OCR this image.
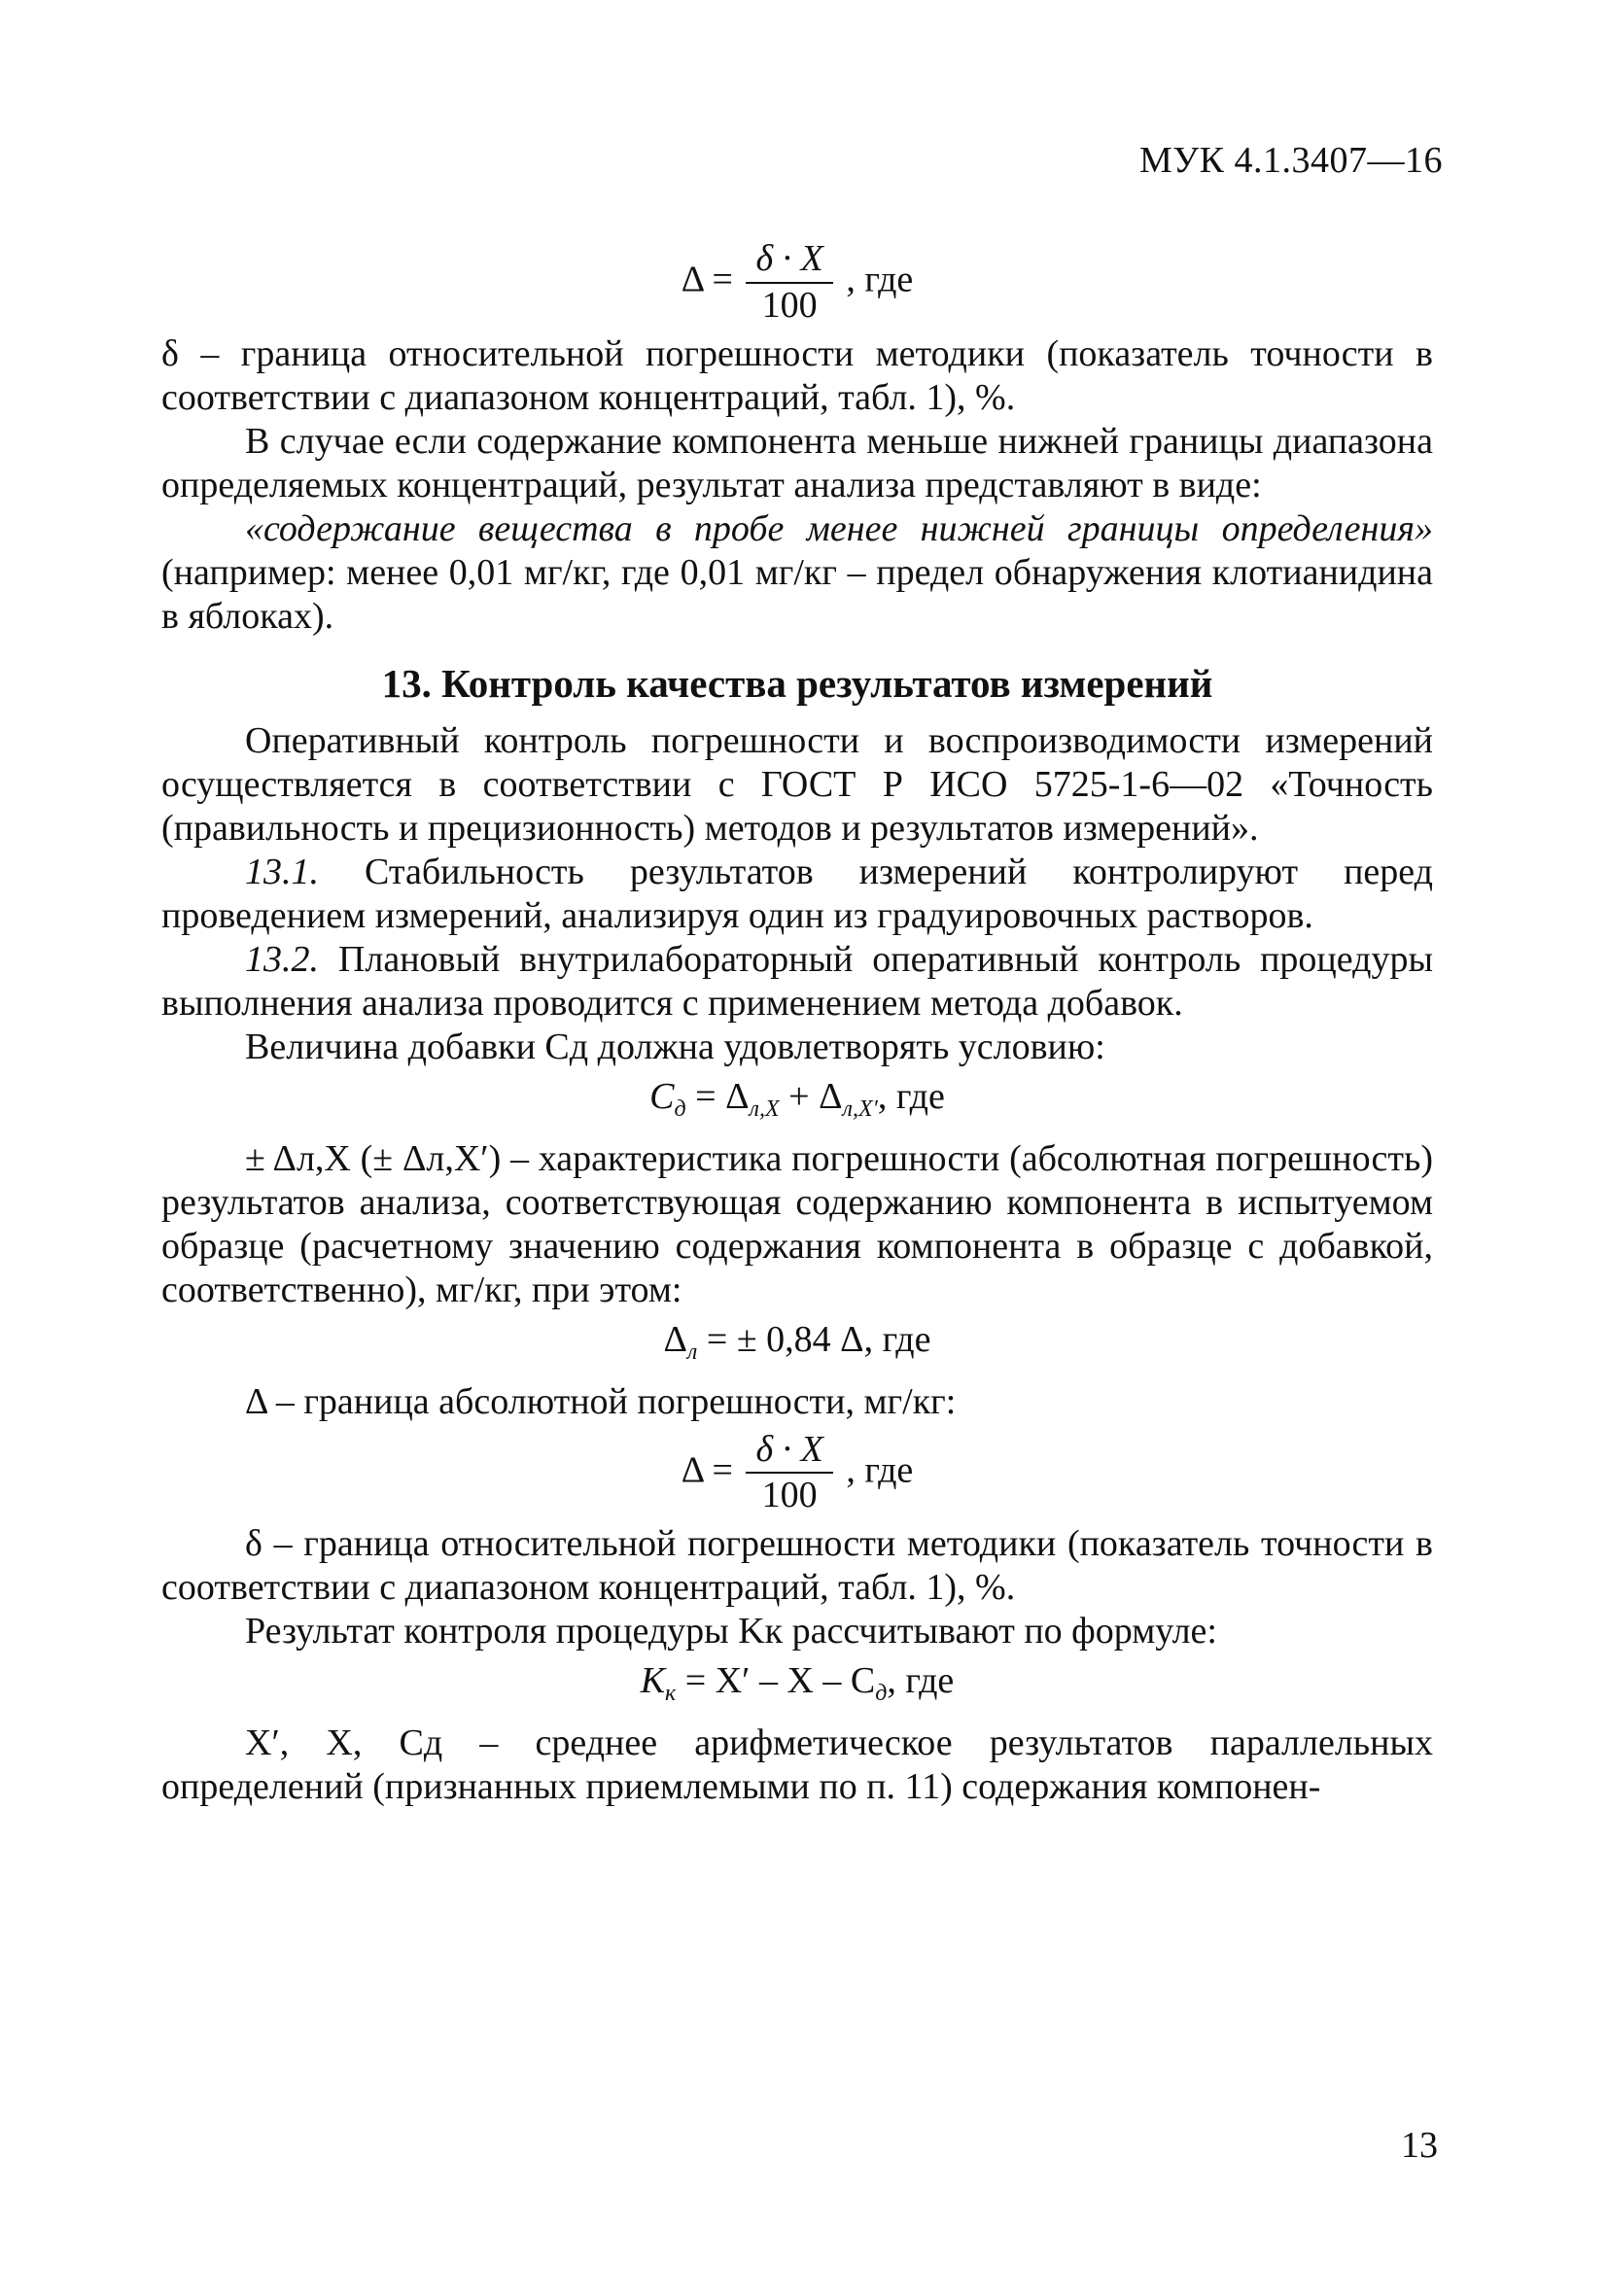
МУК 4.1.3407—16
$\Delta = \frac{\delta \cdot X}{100}$ , где

δ – граница относительной погрешности методики (показатель точности в соответствии с диапазоном концентраций, табл. 1), %.

В случае если содержание компонента меньше нижней границы диапазона определяемых концентраций, результат анализа представляют в виде:

«содержание вещества в пробе менее нижней границы определения» (например: менее 0,01 мг/кг, где 0,01 мг/кг – предел обнаружения клотианидина в яблоках).

13. Контроль качества результатов измерений

Оперативный контроль погрешности и воспроизводимости измерений осуществляется в соответствии с ГОСТ Р ИСО 5725-1-6—02 «Точность (правильность и прецизионность) методов и результатов измерений».

13.1. Стабильность результатов измерений контролируют перед проведением измерений, анализируя один из градуировочных растворов.

13.2. Плановый внутрилабораторный оперативный контроль процедуры выполнения анализа проводится с применением метода добавок.

Величина добавки Cд должна удовлетворять условию:

$C_д = \Delta_{л,X} + \Delta_{л,X'}$, где

± Δл,X (± Δл,X′) – характеристика погрешности (абсолютная погрешность) результатов анализа, соответствующая содержанию компонента в испытуемом образце (расчетному значению содержания компонента в образце с добавкой, соответственно), мг/кг, при этом:

$\Delta_л$ = ± 0,84 Δ, где

Δ – граница абсолютной погрешности, мг/кг:

$\Delta = \frac{\delta \cdot X}{100}$ , где

δ – граница относительной погрешности методики (показатель точности в соответствии с диапазоном концентраций, табл. 1), %.

Результат контроля процедуры Kк рассчитывают по формуле:

$K_к = X' - X - C_д$, где

X′, X, Cд – среднее арифметическое результатов параллельных определений (признанных приемлемыми по п. 11) содержания компонен-

13
